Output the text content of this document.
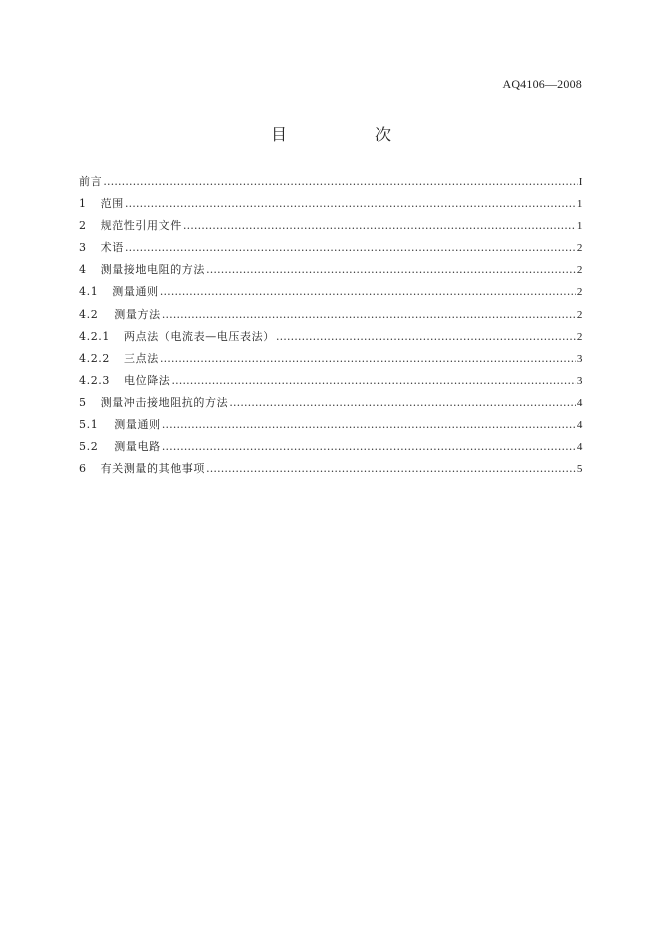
AQ4106—2008
目　次
前言 …………………………………………………………………………………………………………………………………………………………………………	I
1 范围 …………………………………………………………………………………………………………………………………………………………………………	1
2 规范性引用文件 …………………………………………………………………………………………………………………………………………………………………………	1
3 术语 …………………………………………………………………………………………………………………………………………………………………………	2
4 测量接地电阻的方法 …………………………………………………………………………………………………………………………………………………………………………	2
4.1 测量通则 …………………………………………………………………………………………………………………………………………………………………………	2
4.2 测量方法 …………………………………………………………………………………………………………………………………………………………………………	2
4.2.1 两点法（电流表—电压表法） …………………………………………………………………………………………………………………………………………………………………………	2
4.2.2 三点法 …………………………………………………………………………………………………………………………………………………………………………	3
4.2.3 电位降法 …………………………………………………………………………………………………………………………………………………………………………	3
5 测量冲击接地阻抗的方法 …………………………………………………………………………………………………………………………………………………………………………	4
5.1 测量通则 …………………………………………………………………………………………………………………………………………………………………………	4
5.2 测量电路 …………………………………………………………………………………………………………………………………………………………………………	4
6 有关测量的其他事项 …………………………………………………………………………………………………………………………………………………………………………	5
